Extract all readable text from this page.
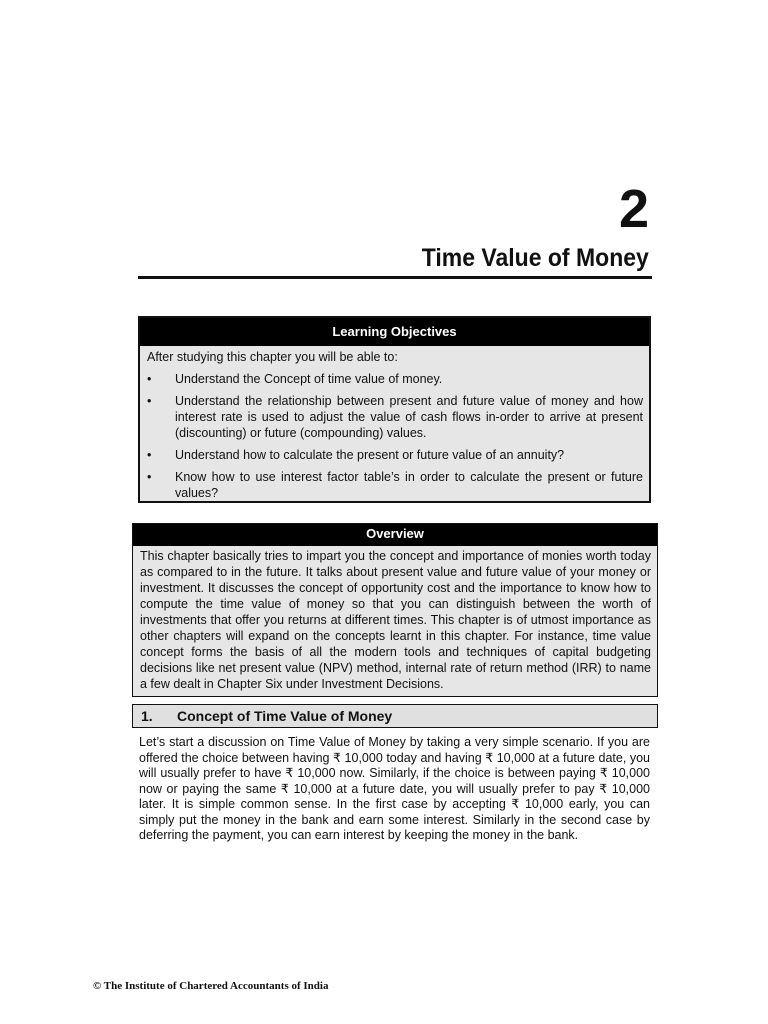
2
Time Value of Money
Learning Objectives
After studying this chapter you will be able to:
• Understand the Concept of time value of money.
• Understand the relationship between present and future value of money and how interest rate is used to adjust the value of cash flows in-order to arrive at present (discounting) or future (compounding) values.
• Understand how to calculate the present or future value of an annuity?
• Know how to use interest factor table’s in order to calculate the present or future values?
Overview
This chapter basically tries to impart you the concept and importance of monies worth today as compared to in the future. It talks about present value and future value of your money or investment. It discusses the concept of opportunity cost and the importance to know how to compute the time value of money so that you can distinguish between the worth of investments that offer you returns at different times. This chapter is of utmost importance as other chapters will expand on the concepts learnt in this chapter. For instance, time value concept forms the basis of all the modern tools and techniques of capital budgeting decisions like net present value (NPV) method, internal rate of return method (IRR) to name a few dealt in Chapter Six under Investment Decisions.
1. Concept of Time Value of Money
Let’s start a discussion on Time Value of Money by taking a very simple scenario. If you are offered the choice between having ₹ 10,000 today and having ₹ 10,000 at a future date, you will usually prefer to have ₹ 10,000 now. Similarly, if the choice is between paying ₹ 10,000 now or paying the same ₹ 10,000 at a future date, you will usually prefer to pay ₹ 10,000 later. It is simple common sense. In the first case by accepting ₹ 10,000 early, you can simply put the money in the bank and earn some interest. Similarly in the second case by deferring the payment, you can earn interest by keeping the money in the bank.
© The Institute of Chartered Accountants of India
